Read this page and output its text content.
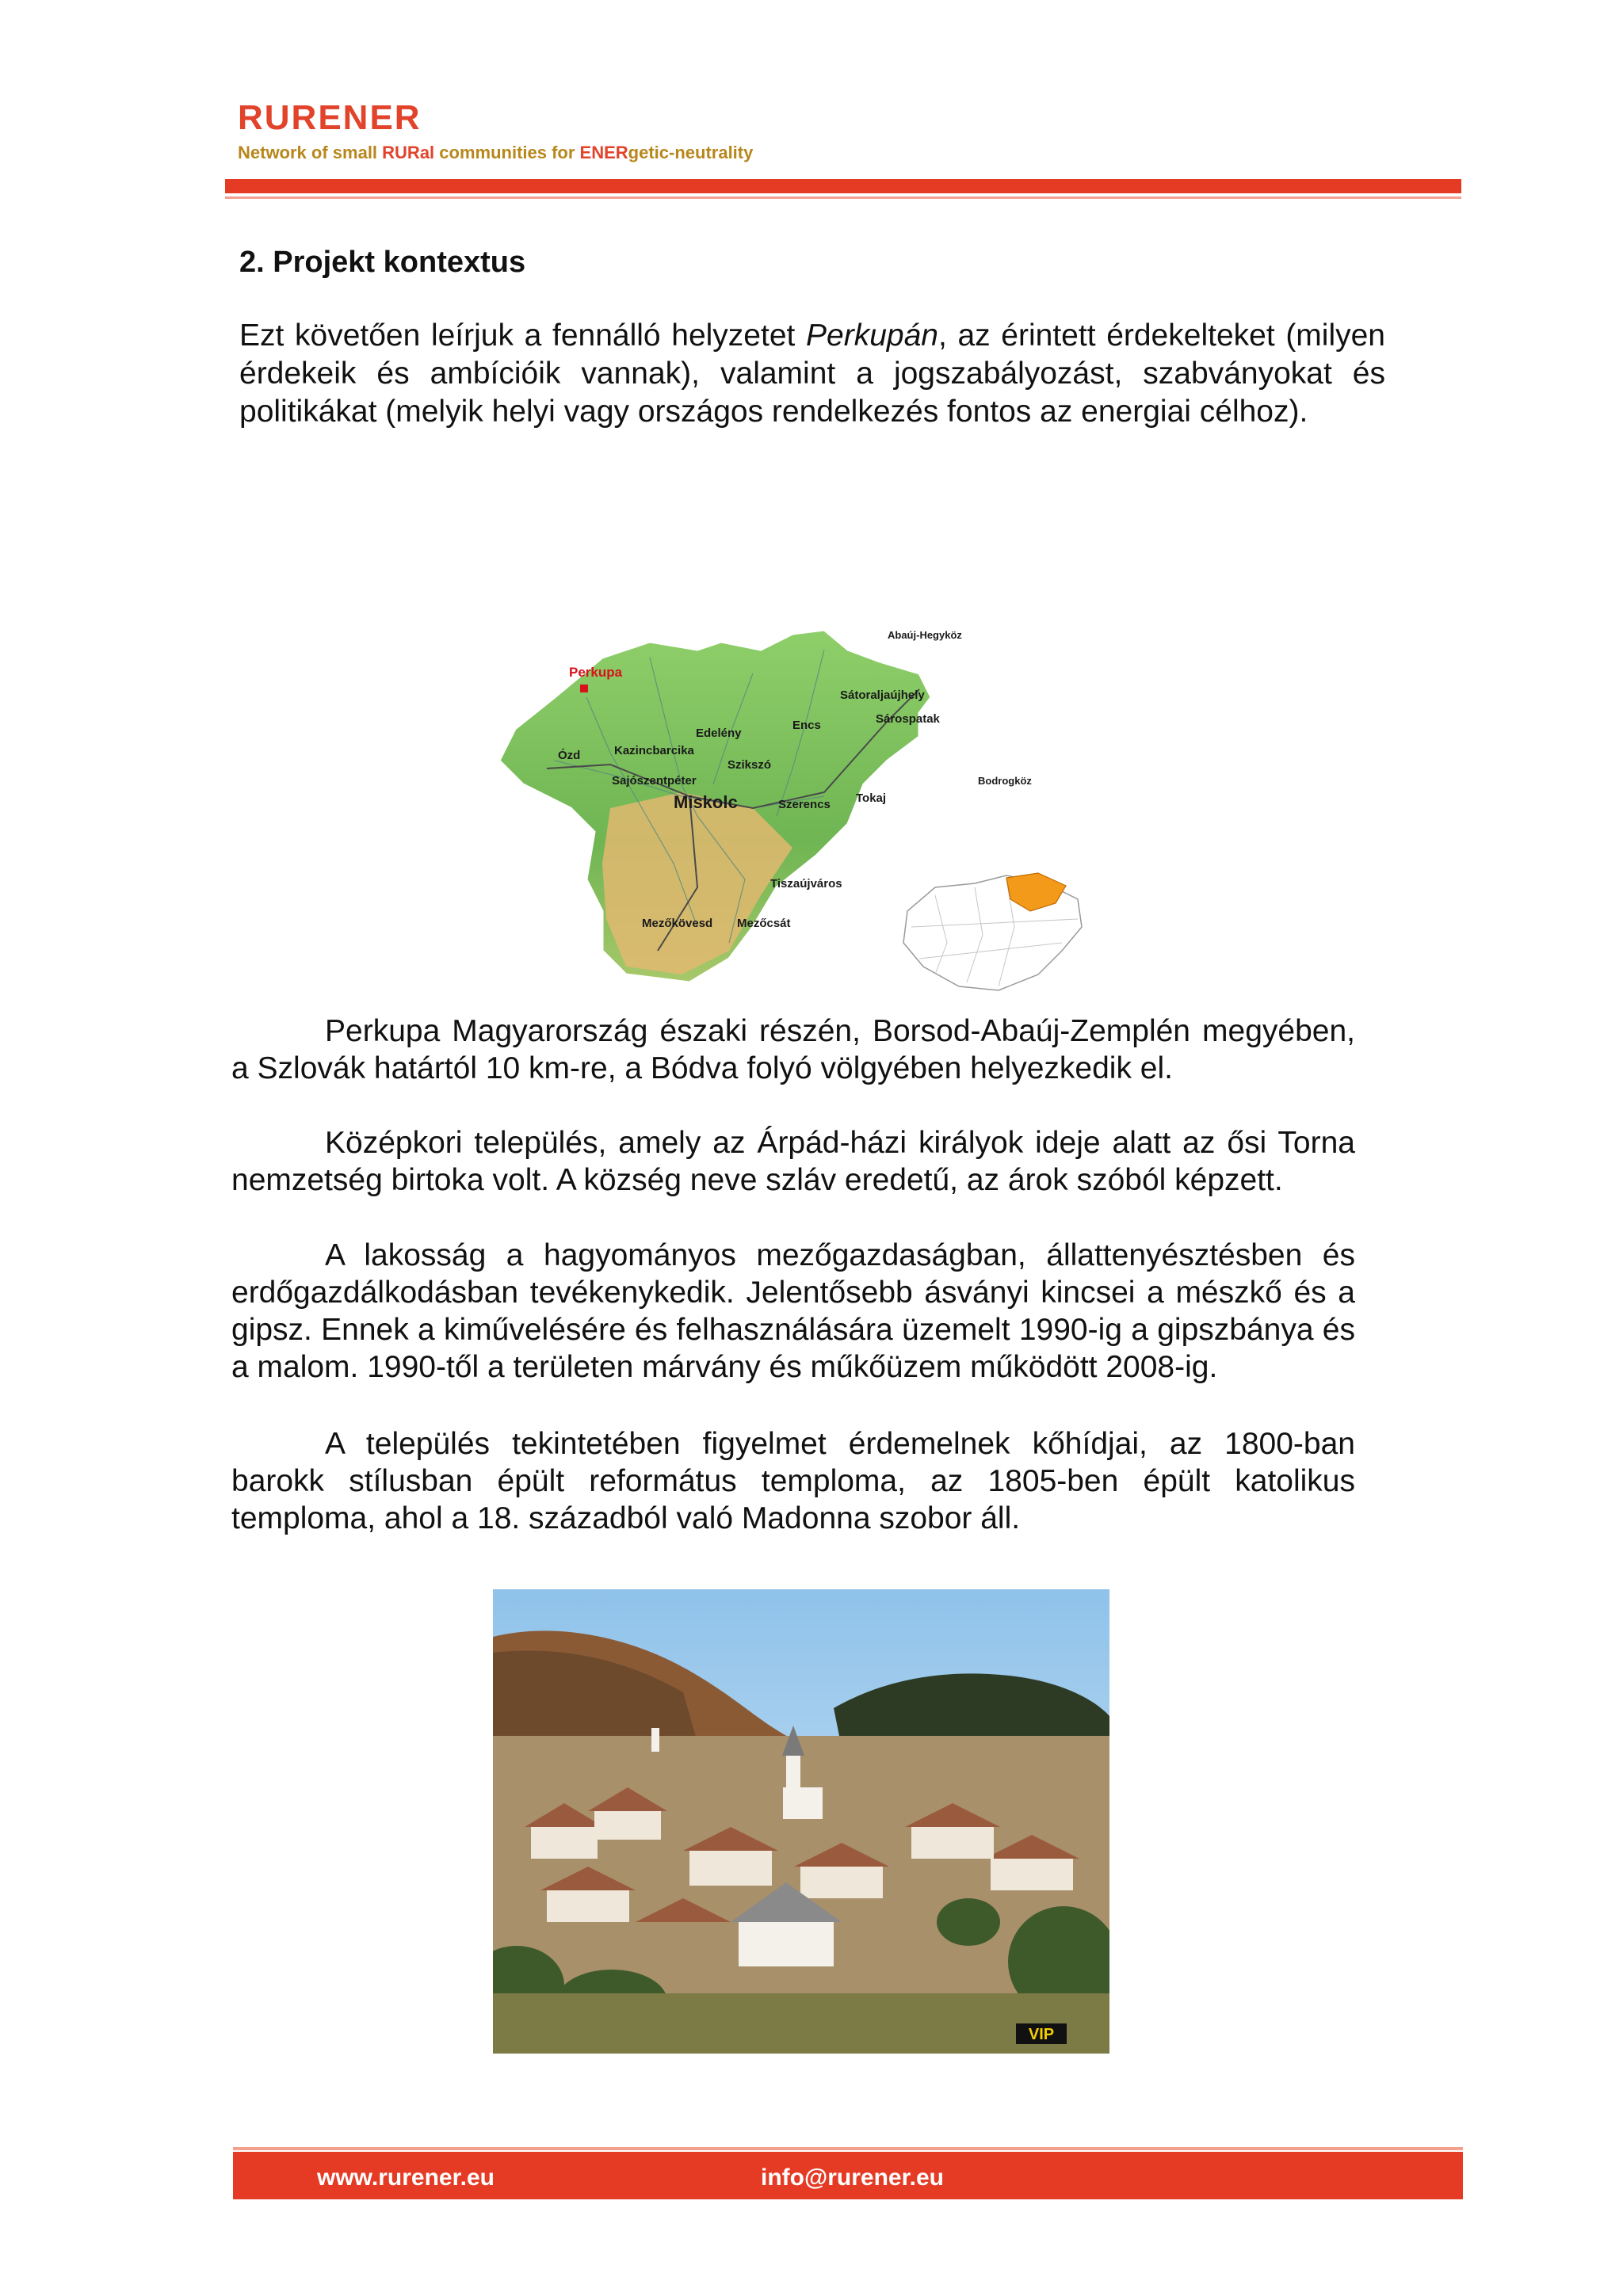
RURENER
Network of small RURal communities for ENERgetic-neutrality
2. Projekt kontextus
Ezt követően leírjuk a fennálló helyzetet Perkupán, az érintett érdekelteket (milyen érdekeik és ambícióik vannak), valamint a jogszabályozást, szabványokat és politikákat (melyik helyi vagy országos rendelkezés fontos az energiai célhoz).
Perkupa
Abaúj-Hegyköz
Sátoraljaújhely
Sárospatak
Encs
Edelény
Ózd	Kazincbarcika
Szikszó
Bodrogköz
Sajószentpéter
Miskolc	Szerencs Tokaj
Tiszaújváros
Mezőkövesd Mezőcsát
Perkupa Magyarország északi részén, Borsod-Abaúj-Zemplén megyében, a Szlovák határtól 10 km-re, a Bódva folyó völgyében helyezkedik el.
Középkori település, amely az Árpád-házi királyok ideje alatt az ősi Torna nemzetség birtoka volt. A község neve szláv eredetű, az árok szóból képzett.
A lakosság a hagyományos mezőgazdaságban, állattenyésztésben és erdőgazdálkodásban tevékenykedik. Jelentősebb ásványi kincsei a mészkő és a gipsz. Ennek a kiművelésére és felhasználására üzemelt 1990-ig a gipszbánya és a malom. 1990-től a területen márvány és műkőüzem működött 2008-ig.
A település tekintetében figyelmet érdemelnek kőhídjai, az 1800-ban barokk stílusban épült református temploma, az 1805-ben épült katolikus temploma, ahol a 18. századból való Madonna szobor áll.
VIP
www.rurener.eu	info@rurener.eu
